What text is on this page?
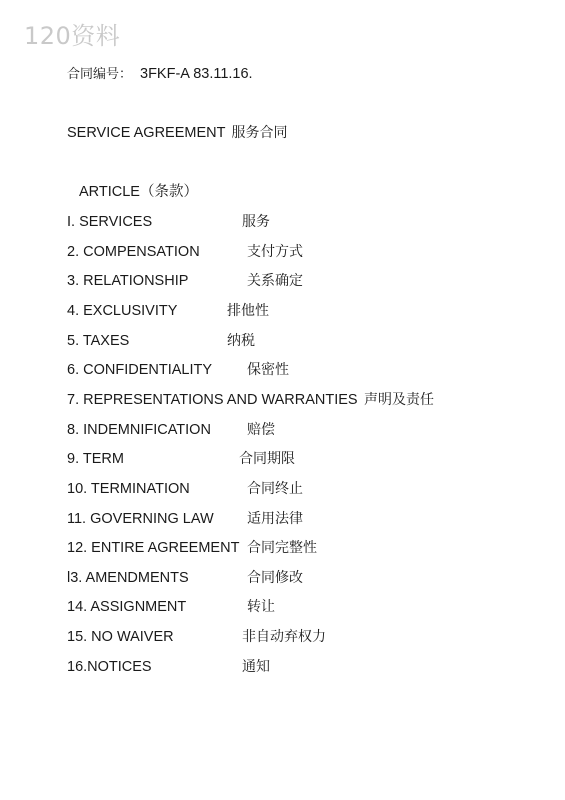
120资料
合同编号： 3FKF-A 83.11.16.
SERVICE AGREEMENT 服务合同
ARTICLE（条款）
I. SERVICES	服务
2. COMPENSATION	支付方式
3. RELATIONSHIP	关系确定
4. EXCLUSIVITY	排他性
5. TAXES	纳税
6. CONFIDENTIALITY 保密性
7. REPRESENTATIONS AND WARRANTIES 声明及责任
8. INDEMNIFICATION	赔偿
9. TERM	合同期限
10. TERMINATION	合同终止
11. GOVERNING LAW 适用法律
12. ENTIRE AGREEMENT 合同完整性
l3. AMENDMENTS	合同修改
14. ASSIGNMENT	转让
15. NO WAIVER	非自动弃权力
16.NOTICES	通知
